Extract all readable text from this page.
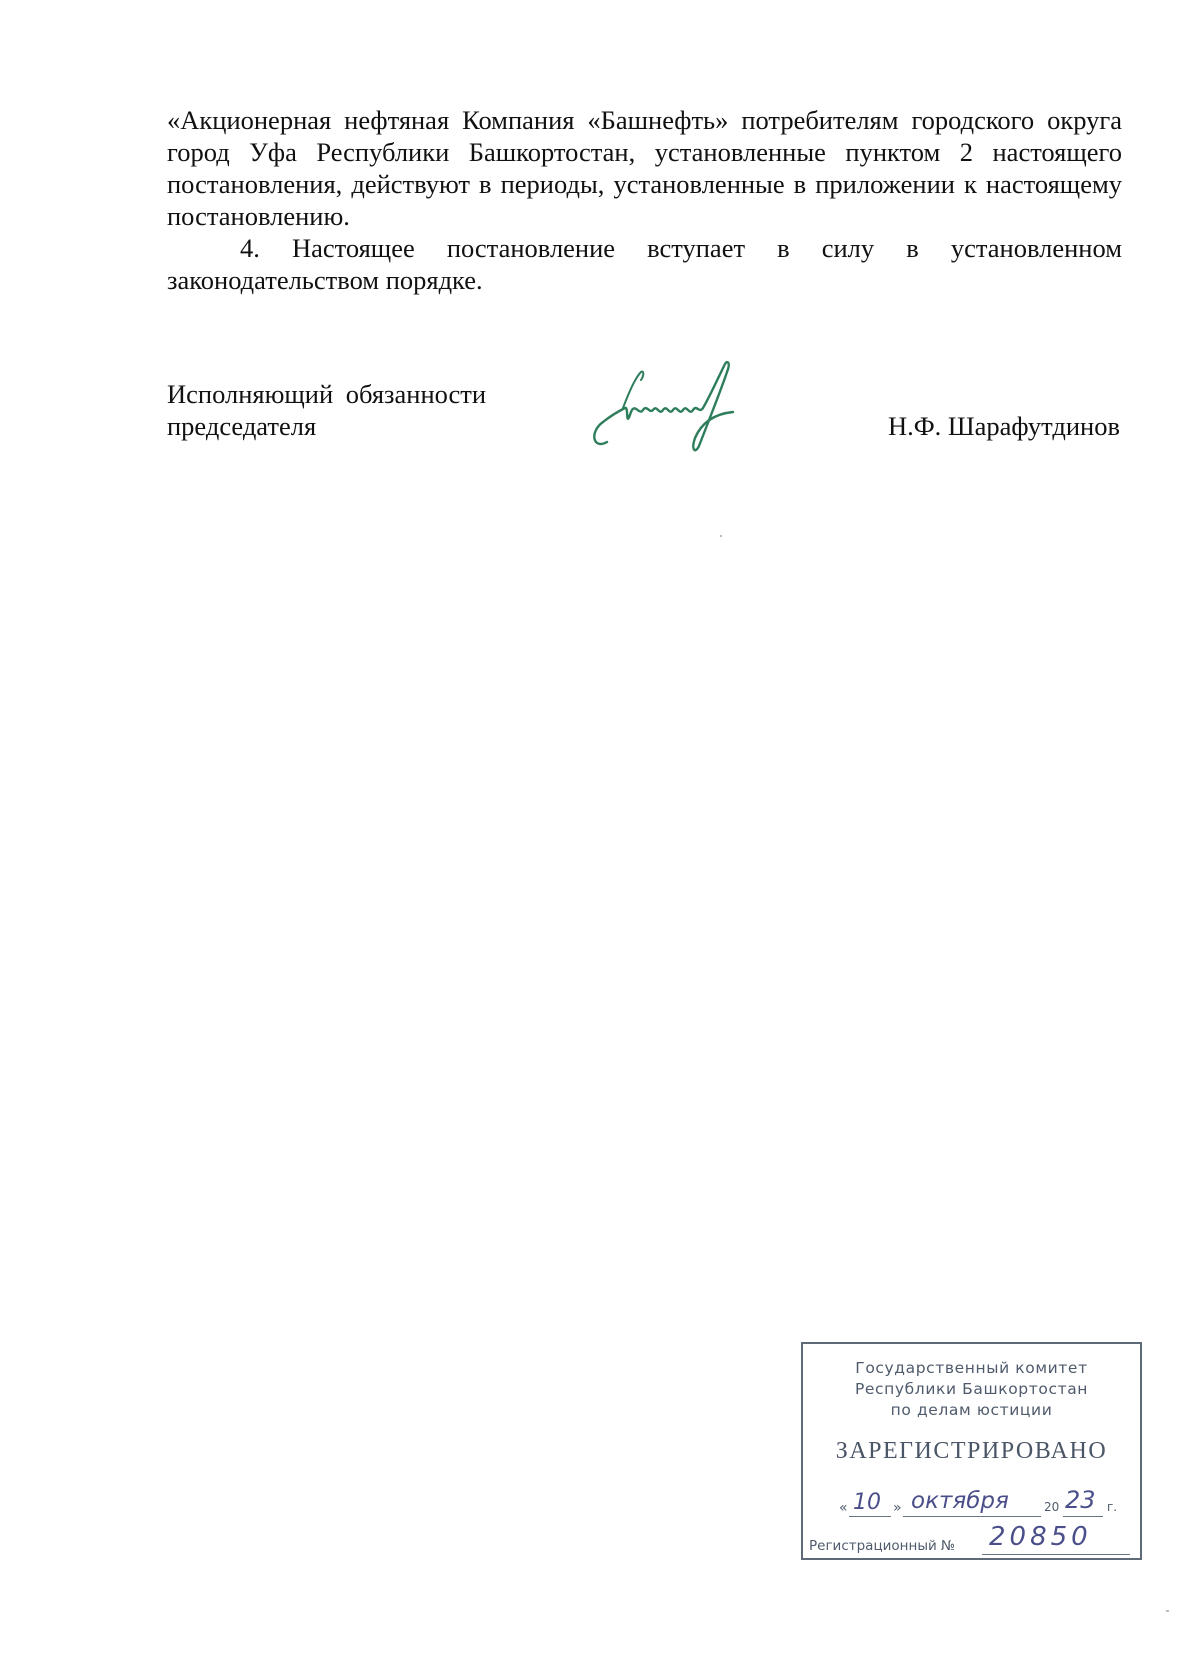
«Акционерная нефтяная Компания «Башнефть» потребителям городского округа город Уфа Республики Башкортостан, установленные пунктом 2 настоящего постановления, действуют в периоды, установленные в приложении к настоящему постановлению.

4. Настоящее постановление вступает в силу в установленном законодательством порядке.

Исполняющий обязанности
председателя	Н.Ф. Шарафутдинов
Государственный комитет
Республики Башкортостан
по делам юстиции
ЗАРЕГИСТРИРОВАНО
« 10 » октября	20 23 г.
Регистрационный № 20850
